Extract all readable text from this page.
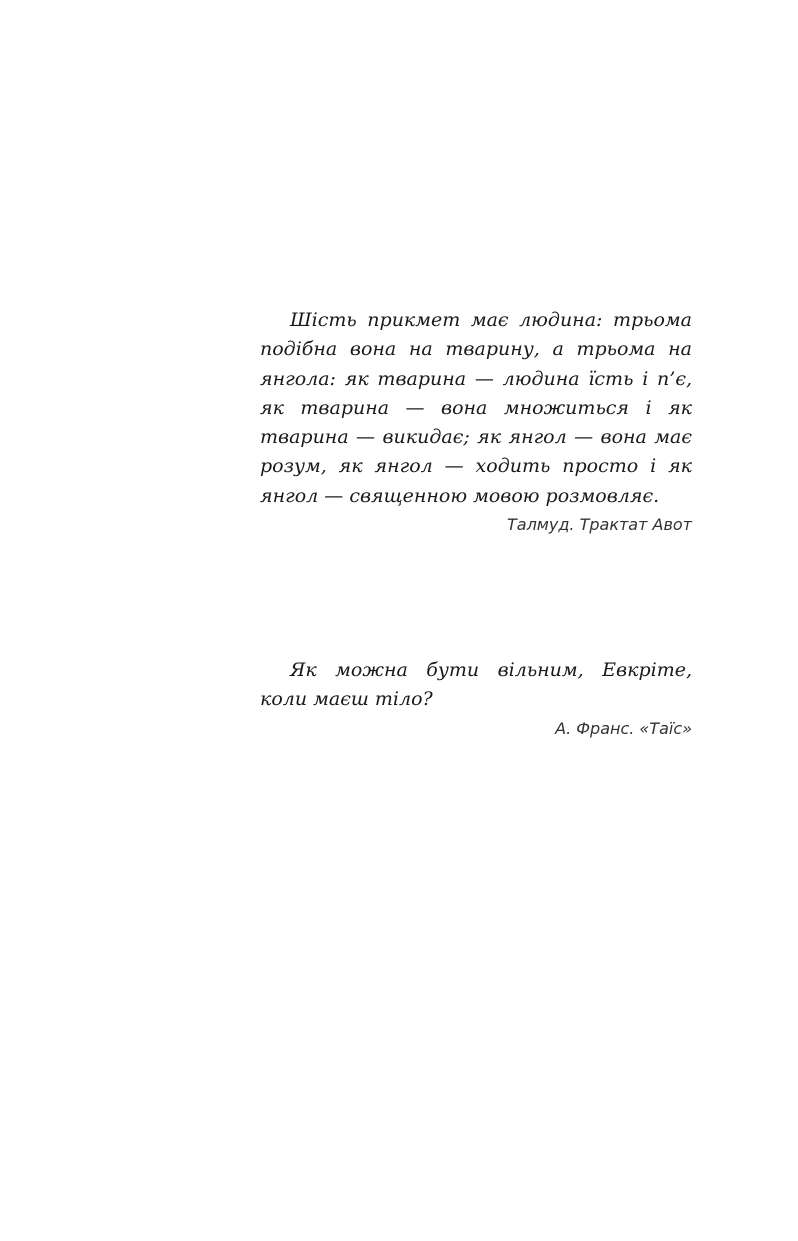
Шість прикмет має людина: трьома подібна вона на тварину, а трьома на янгола: як тварина — людина їсть і п’є, як тварина — вона множиться і як тварина — викидає; як янгол — вона має розум, як янгол — ходить просто і як янгол — священною мовою розмовляє.

Талмуд. Трактат Авот

Як можна бути вільним, Евкріте, коли маєш тіло?

А. Франс. «Таїс»
